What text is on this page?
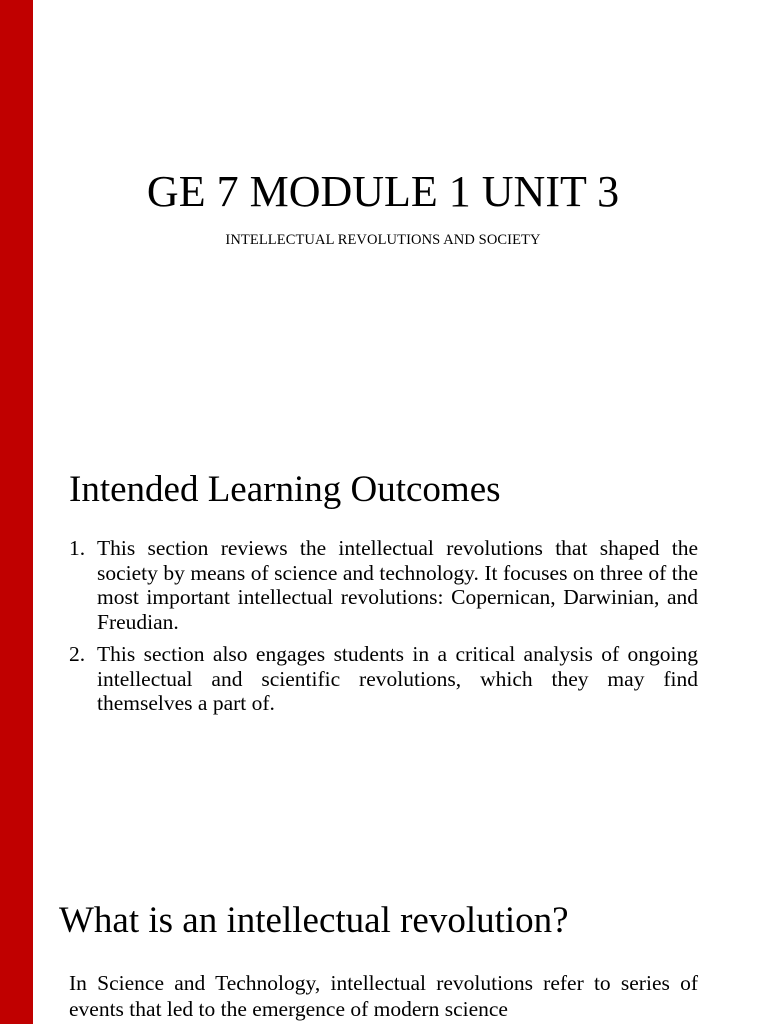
GE 7 MODULE 1 UNIT 3
INTELLECTUAL REVOLUTIONS AND SOCIETY
Intended Learning Outcomes
1. This section reviews the intellectual revolutions that shaped the society by means of science and technology. It focuses on three of the most important intellectual revolutions: Copernican, Darwinian, and Freudian.
2. This section also engages students in a critical analysis of ongoing intellectual and scientific revolutions, which they may find themselves a part of.
What is an intellectual revolution?

In Science and Technology, intellectual revolutions refer to series of events that led to the emergence of modern science
